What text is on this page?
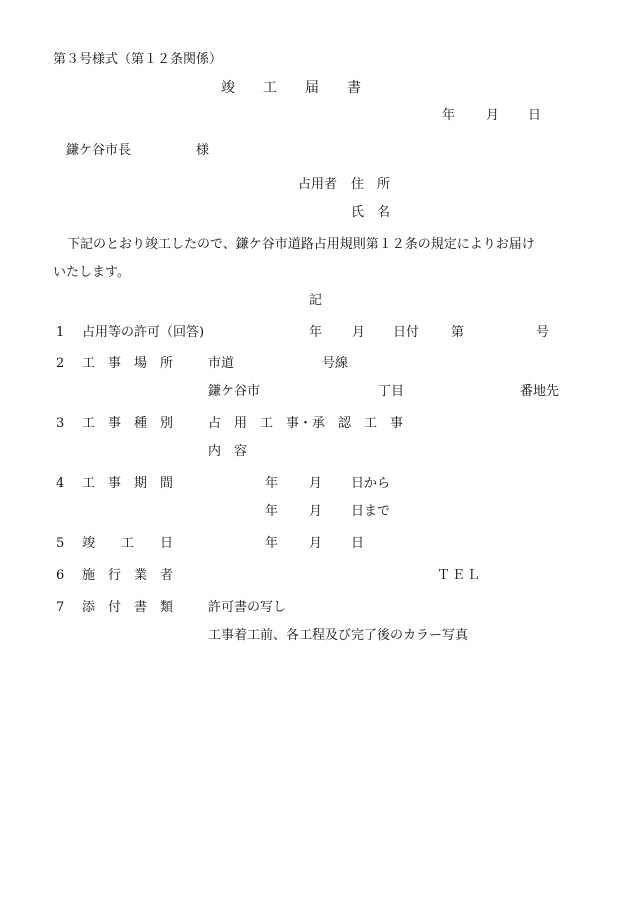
第３号様式（第１２条関係）
竣　　工　　届　　書
年 月 日
鎌ケ谷市長	様
占用者 住　所
氏　名
下記のとおり竣工したので、鎌ケ谷市道路占用規則第１２条の規定によりお届け
いたします。
記
1 占用等の許可（回答)	年 月 日付 第	号
2 工　事　場　所	市道	号線
鎌ケ谷市	丁目	番地先
3 工　事　種　別	占　用　工　事・承　認　工　事
内　容
4 工　事　期　間	年 月 日から
年 月 日まで
5 竣　　工　　日	年 月 日
6 施　行　業　者	ＴＥＬ
7 添　付　書　類	許可書の写し
工事着工前、各工程及び完了後のカラー写真
